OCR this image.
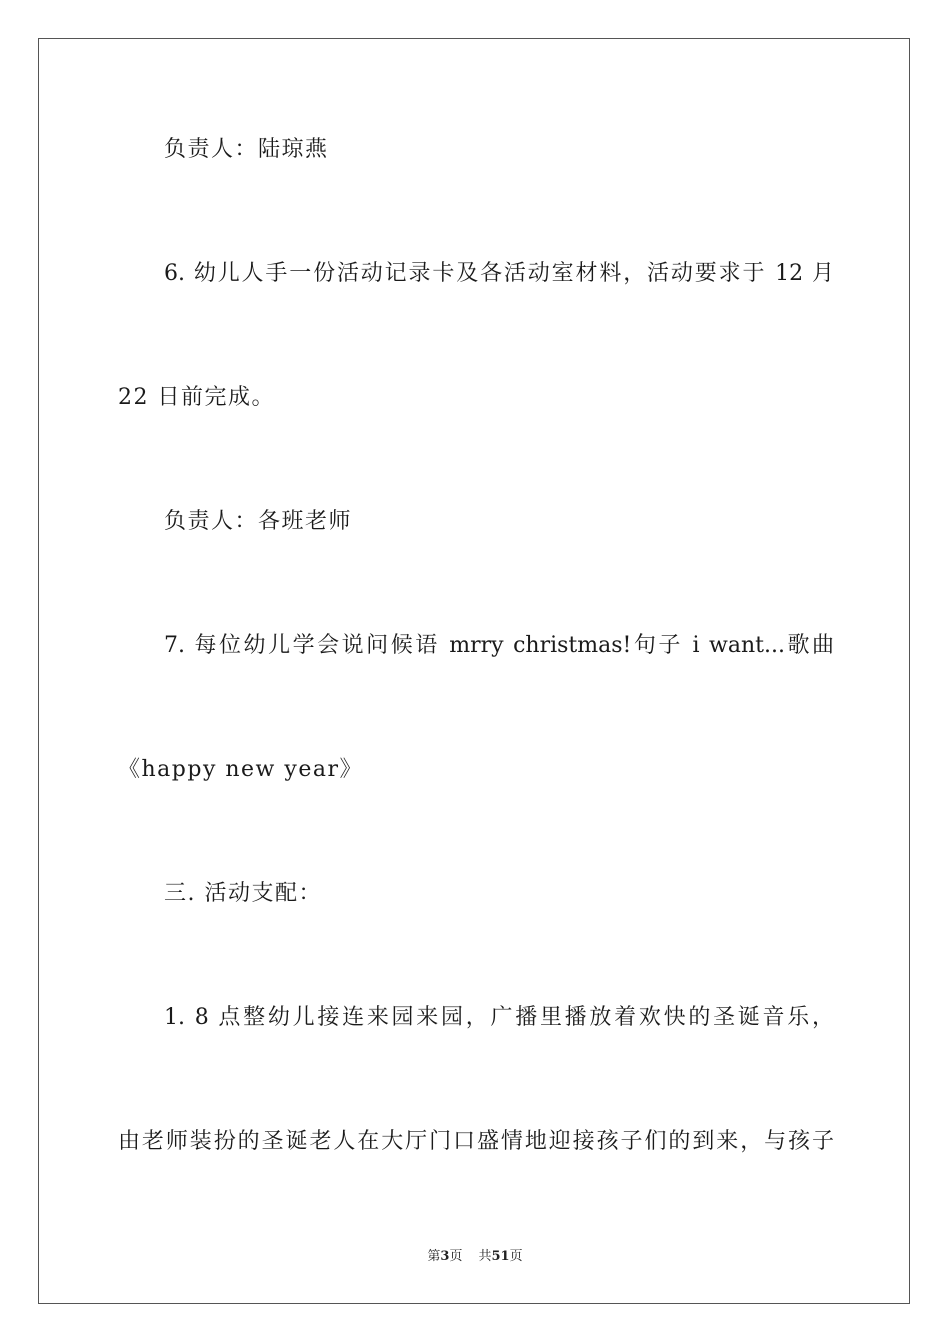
负责人：陆琼燕
6. 幼儿人手一份活动记录卡及各活动室材料，活动要求于 12 月
22 日前完成。
负责人：各班老师
7. 每位幼儿学会说问候语 mrry christmas!句子 i want...歌曲
《happy new year》
三. 活动支配：
1. 8 点整幼儿接连来园来园，广播里播放着欢快的圣诞音乐，
由老师装扮的圣诞老人在大厅门口盛情地迎接孩子们的到来，与孩子
第3页 共51页
